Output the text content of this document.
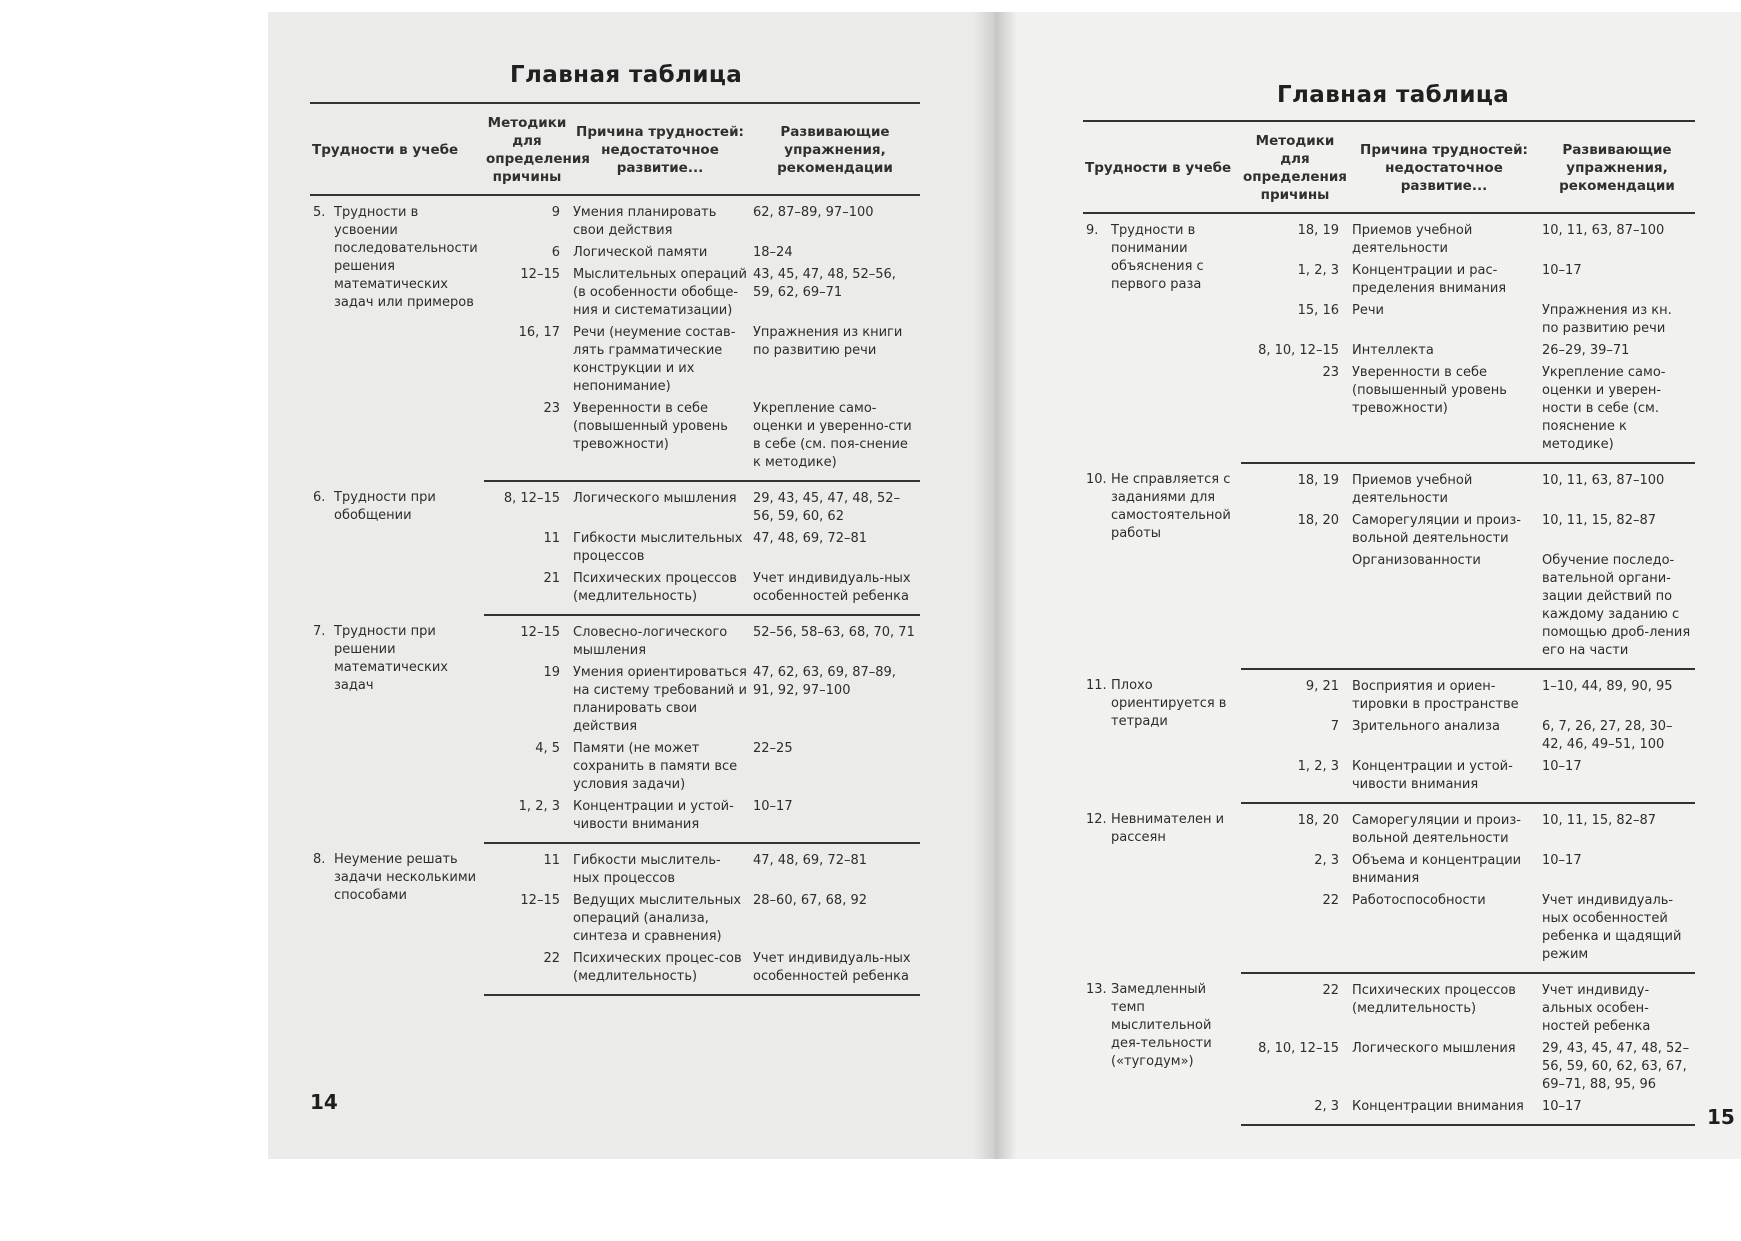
Главная таблица
Трудности в учебе		Методики для определения причины	Причина трудностей: недостаточное развитие...	Развивающие упражнения, рекомендации
5.	Трудности в усвоении последовательности решения математических задач или примеров	9	Умения планировать свои действия	62, 87–89, 97–100
		6	Логической памяти	18–24
		12–15	Мыслительных операций (в особенности обобще-ния и систематизации)	43, 45, 47, 48, 52–56, 59, 62, 69–71
		16, 17	Речи (неумение состав-лять грамматические конструкции и их непонимание)	Упражнения из книги по развитию речи
		23	Уверенности в себе (повышенный уровень тревожности)	Укрепление само-оценки и уверенно-сти в себе (см. поя-снение к методике)
6.	Трудности при обобщении	8, 12–15	Логического мышления	29, 43, 45, 47, 48, 52–56, 59, 60, 62
		11	Гибкости мыслительных процессов	47, 48, 69, 72–81
		21	Психических процессов (медлительность)	Учет индивидуаль-ных особенностей ребенка
7.	Трудности при решении математических задач	12–15	Словесно-логического мышления	52–56, 58–63, 68, 70, 71
		19	Умения ориентироваться на систему требований и планировать свои действия	47, 62, 63, 69, 87–89, 91, 92, 97–100
		4, 5	Памяти (не может сохранить в памяти все условия задачи)	22–25
		1, 2, 3	Концентрации и устой-чивости внимания	10–17
8.	Неумение решать задачи несколькими способами	11	Гибкости мыслитель-ных процессов	47, 48, 69, 72–81
		12–15	Ведущих мыслительных операций (анализа, синтеза и сравнения)	28–60, 67, 68, 92
		22	Психических процес-сов (медлительность)	Учет индивидуаль-ных особенностей ребенка
14
Главная таблица
Трудности в учебе		Методики для определения причины	Причина трудностей: недостаточное развитие...	Развивающие упражнения, рекомендации
9.	Трудности в понимании объяснения с первого раза	18, 19	Приемов учебной деятельности	10, 11, 63, 87–100
		1, 2, 3	Концентрации и рас-пределения внимания	10–17
		15, 16	Речи	Упражнения из кн. по развитию речи
		8, 10, 12–15	Интеллекта	26–29, 39–71
		23	Уверенности в себе (повышенный уровень тревожности)	Укрепление само-оценки и уверен-ности в себе (см. пояснение к методике)
10.	Не справляется с заданиями для самостоятельной работы	18, 19	Приемов учебной деятельности	10, 11, 63, 87–100
		18, 20	Саморегуляции и произ-вольной деятельности	10, 11, 15, 82–87
			Организованности	Обучение последо-вательной органи-зации действий по каждому заданию с помощью дроб-ления его на части
11.	Плохо ориентируется в тетради	9, 21	Восприятия и ориен-тировки в пространстве	1–10, 44, 89, 90, 95
		7	Зрительного анализа	6, 7, 26, 27, 28, 30–42, 46, 49–51, 100
		1, 2, 3	Концентрации и устой-чивости внимания	10–17
12.	Невнимателен и рассеян	18, 20	Саморегуляции и произ-вольной деятельности	10, 11, 15, 82–87
		2, 3	Объема и концентрации внимания	10–17
		22	Работоспособности	Учет индивидуаль-ных особенностей ребенка и щадящий режим
13.	Замедленный темп мыслительной дея-тельности («тугодум»)	22	Психических процессов (медлительность)	Учет индивиду-альных особен-ностей ребенка
		8, 10, 12–15	Логического мышления	29, 43, 45, 47, 48, 52–56, 59, 60, 62, 63, 67, 69–71, 88, 95, 96
		2, 3	Концентрации внимания	10–17	15
